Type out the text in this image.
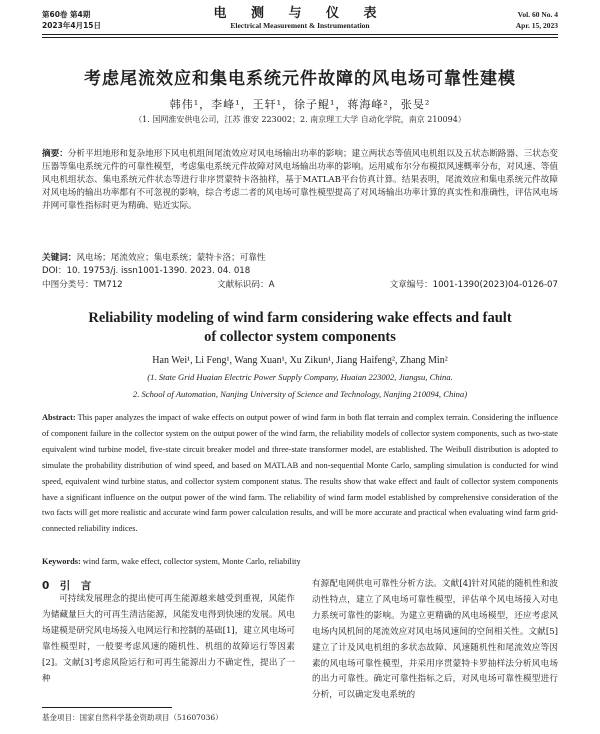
第60卷 第4期
2023年4月15日
电 测 与 仪 表
Electrical Measurement & Instrumentation
Vol. 60 No. 4
Apr. 15, 2023
考虑尾流效应和集电系统元件故障的风电场可靠性建模
韩伟¹，李峰¹，王轩¹，徐子鲲¹，蒋海峰²，张旻²
（1. 国网淮安供电公司，江苏 淮安 223002；2. 南京理工大学 自动化学院，南京 210094）
摘要：分析平坦地形和复杂地形下风电机组间尾流效应对风电场输出功率的影响；建立两状态等值风电机组以及五状态断路器、三状态变压器等集电系统元件的可靠性模型，考虑集电系统元件故障对风电场输出功率的影响。运用威布尔分布模拟风速概率分布，对风速、等值风电机组状态、集电系统元件状态等进行非序贯蒙特卡洛抽样，基于MATLAB平台仿真计算。结果表明，尾流效应和集电系统元件故障对风电场的输出功率都有不可忽视的影响，综合考虑二者的风电场可靠性模型提高了对风场输出功率计算的真实性和准确性，评估风电场并网可靠性指标时更为精确、贴近实际。
关键词：风电场；尾流效应；集电系统；蒙特卡洛；可靠性
DOI：10. 19753/j. issn1001-1390. 2023. 04. 018
中图分类号：TM712	文献标识码：A	文章编号：1001-1390(2023)04-0126-07
Reliability modeling of wind farm considering wake effects and fault
of collector system components
Han Wei¹, Li Feng¹, Wang Xuan¹, Xu Zikun¹, Jiang Haifeng², Zhang Min²
(1. State Grid Huaian Electric Power Supply Company, Huaian 223002, Jiangsu, China.
2. School of Automation, Nanjing University of Science and Technology, Nanjing 210094, China)
Abstract: This paper analyzes the impact of wake effects on output power of wind farm in both flat terrain and complex terrain. Considering the influence of component failure in the collector system on the output power of the wind farm, the reliability models of collector system components, such as two-state equivalent wind turbine model, five-state circuit breaker model and three-state transformer model, are established. The Weibull distribution is adopted to simulate the probability distribution of wind speed, and based on MATLAB and non-sequential Monte Carlo, sampling simulation is conducted for wind speed, equivalent wind turbine status, and collector system component status. The results show that wake effect and fault of collector system components have a significant influence on the output power of the wind farm. The reliability of wind farm model established by comprehensive consideration of the two facts will get more realistic and accurate wind farm power calculation results, and will be more accurate and practical when evaluating wind farm grid-connected reliability indices.
Keywords: wind farm, wake effect, collector system, Monte Carlo, reliability
0　引　言

可持续发展理念的提出使可再生能源越来越受到重视，风能作为储藏量巨大的可再生清洁能源，风能发电得到快速的发展。风电场建模是研究风电场接入电网运行和控制的基础[1]，建立风电场可靠性模型时，一般要考虑风速的随机性、机组的故障运行等因素[2]。文献[3]考虑风险运行和可再生能源出力不确定性，提出了一种

有源配电网供电可靠性分析方法。文献[4]针对风能的随机性和波动性特点，建立了风电场可靠性模型，评估单个风电场接入对电力系统可靠性的影响。为建立更精确的风电场模型，还应考虑风电场内风机间的尾流效应对风电场风速间的空间相关性。文献[5]建立了计及风电机组的多状态故障、风速随机性和尾流效应等因素的风电场可靠性模型，并采用序贯蒙特卡罗抽样法分析风电场的出力可靠性。确定可靠性指标之后，对风电场可靠性模型进行分析，可以确定发电系统的

基金项目：国家自然科学基金资助项目（51607036）
